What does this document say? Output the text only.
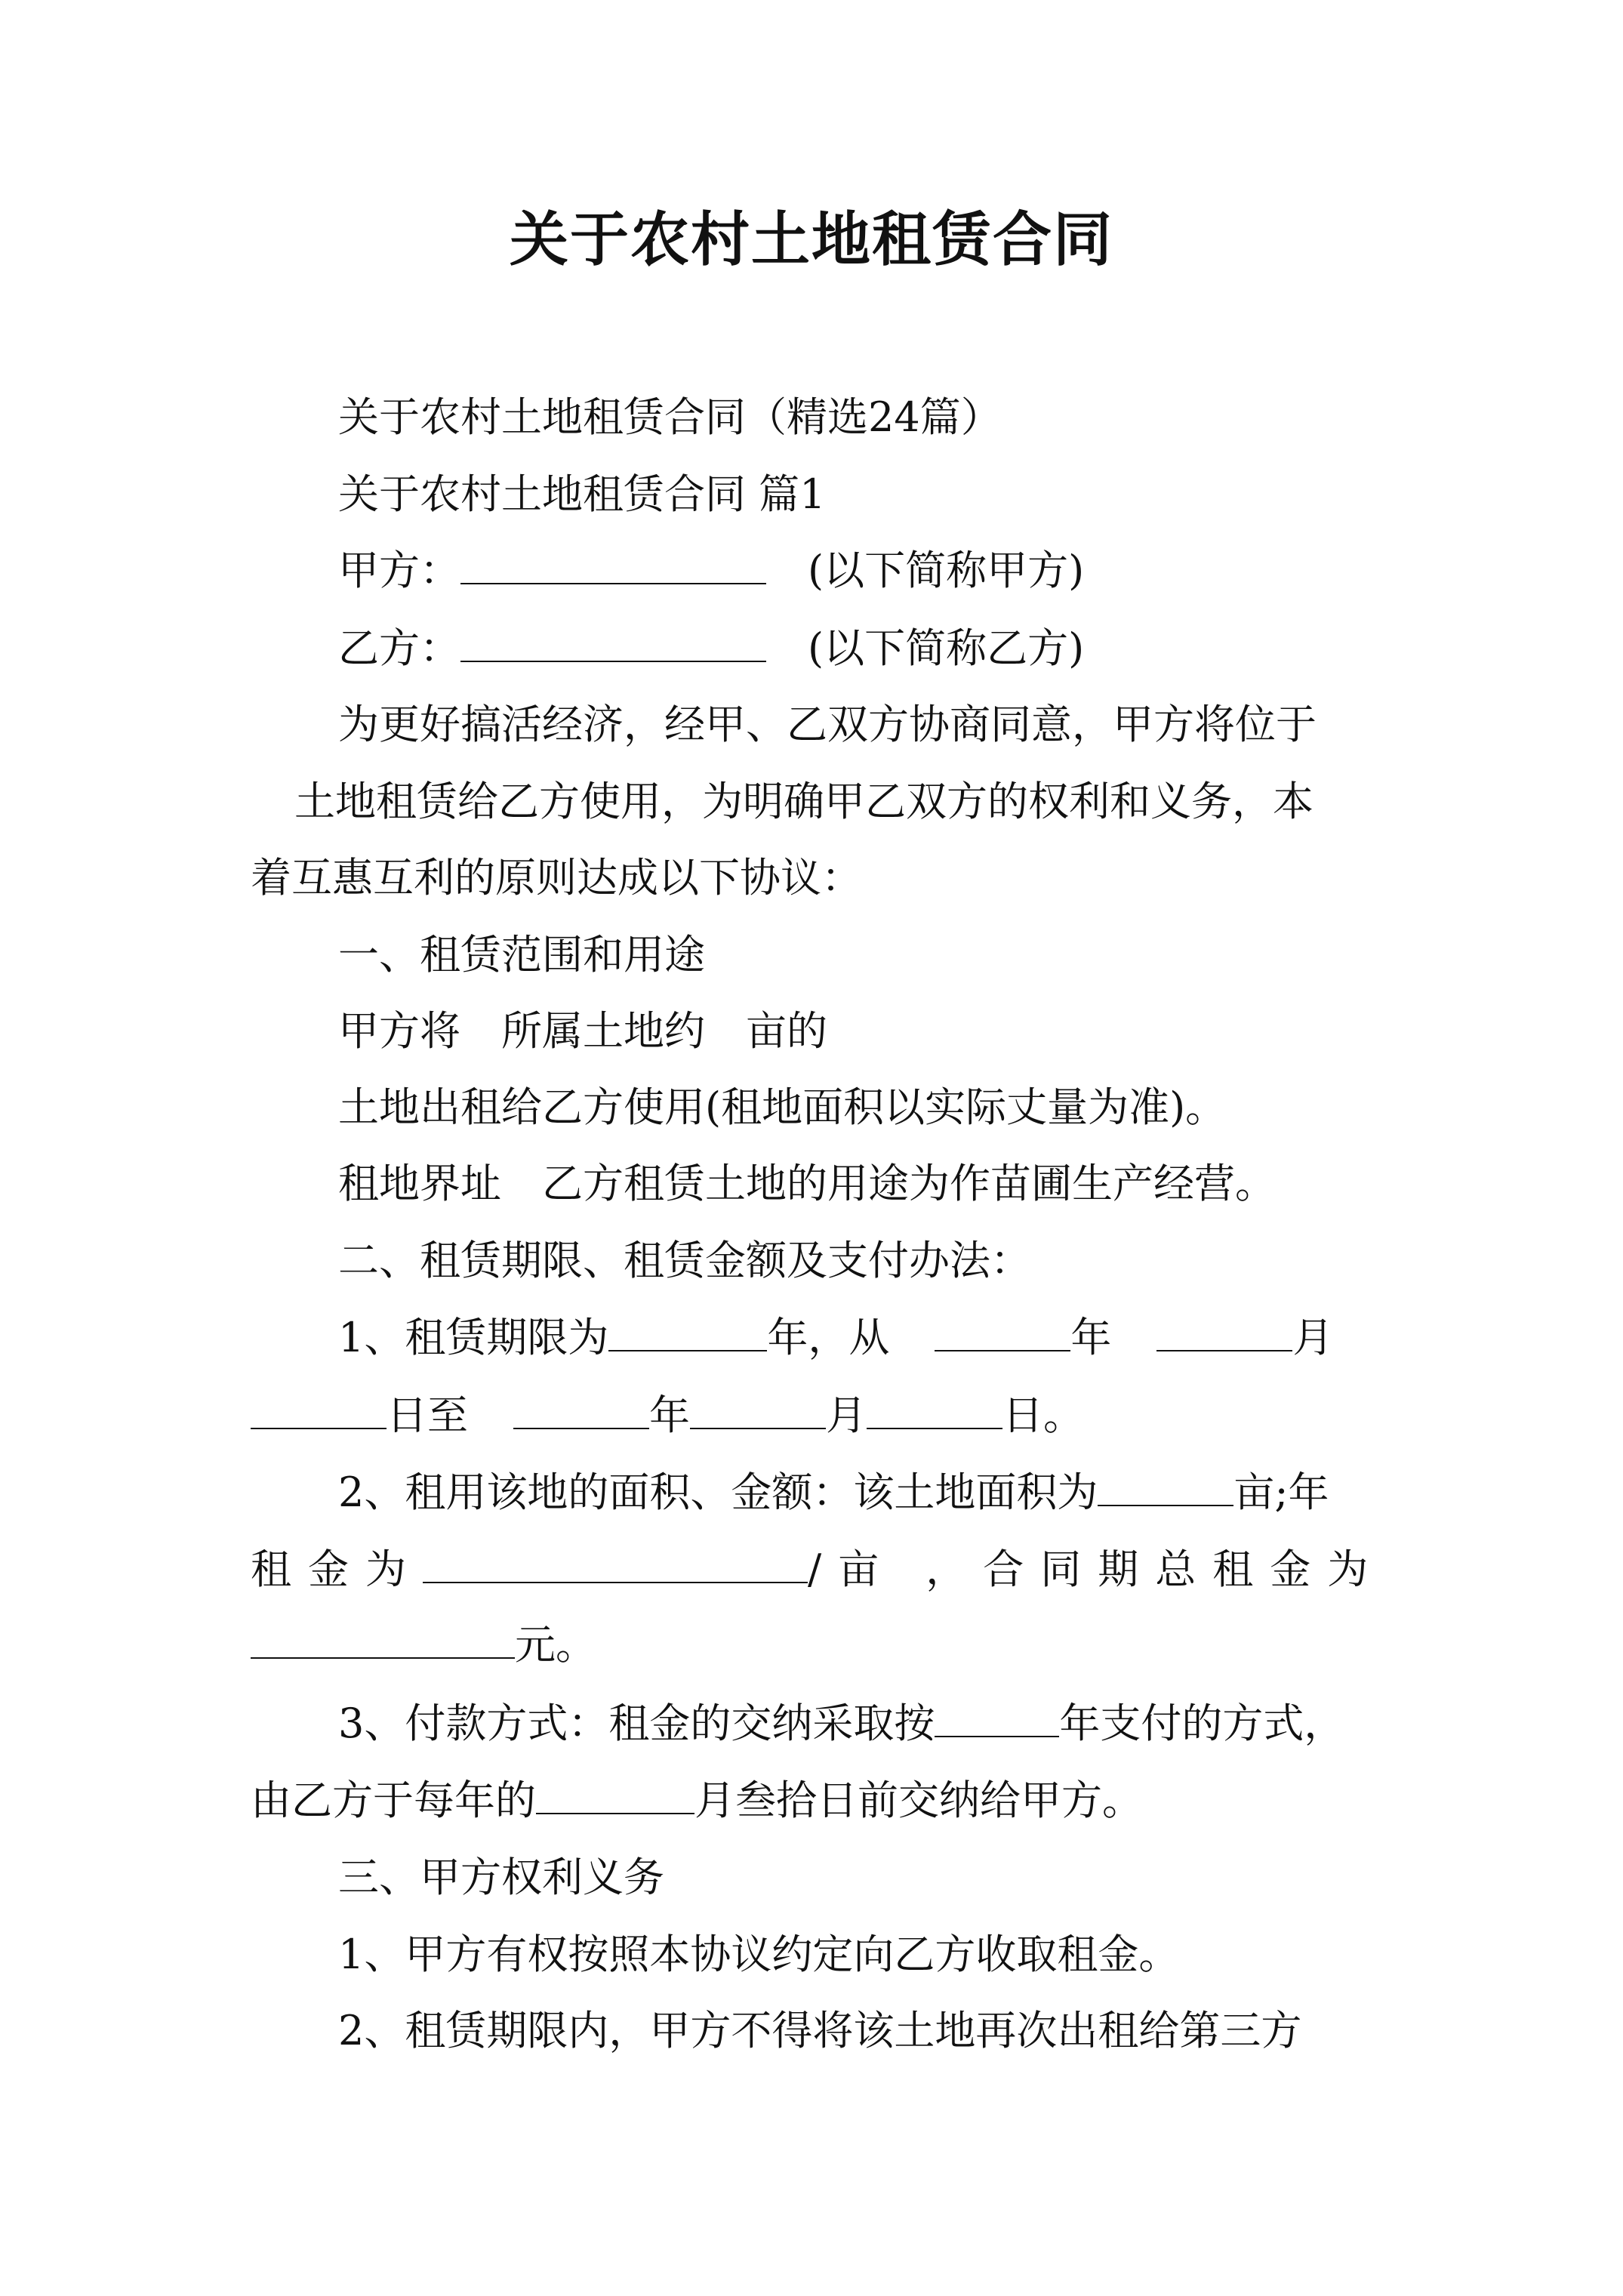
关于农村土地租赁合同
关于农村土地租赁合同（精选24篇）
关于农村土地租赁合同 篇1
甲方：	(以下简称甲方)
乙方：	(以下简称乙方)
为更好搞活经济，经甲、乙双方协商同意，甲方将位于
土地租赁给乙方使用，为明确甲乙双方的权利和义务，本
着互惠互利的原则达成以下协议：
一、租赁范围和用途
甲方将　所属土地约　亩的
土地出租给乙方使用(租地面积以实际丈量为准)。
租地界址　乙方租赁土地的用途为作苗圃生产经营。
二、租赁期限、租赁金额及支付办法：
1、租赁期限为	年，从	年	月
日至	年	月	日。
2、租用该地的面积、金额：该土地面积为	亩;年
租金为	/亩 ，合同期总租金为
元。
3、付款方式：租金的交纳采取按	年支付的方式，
由乙方于每年的	月叁拾日前交纳给甲方。
三、甲方权利义务
1、甲方有权按照本协议约定向乙方收取租金。
2、租赁期限内，甲方不得将该土地再次出租给第三方
